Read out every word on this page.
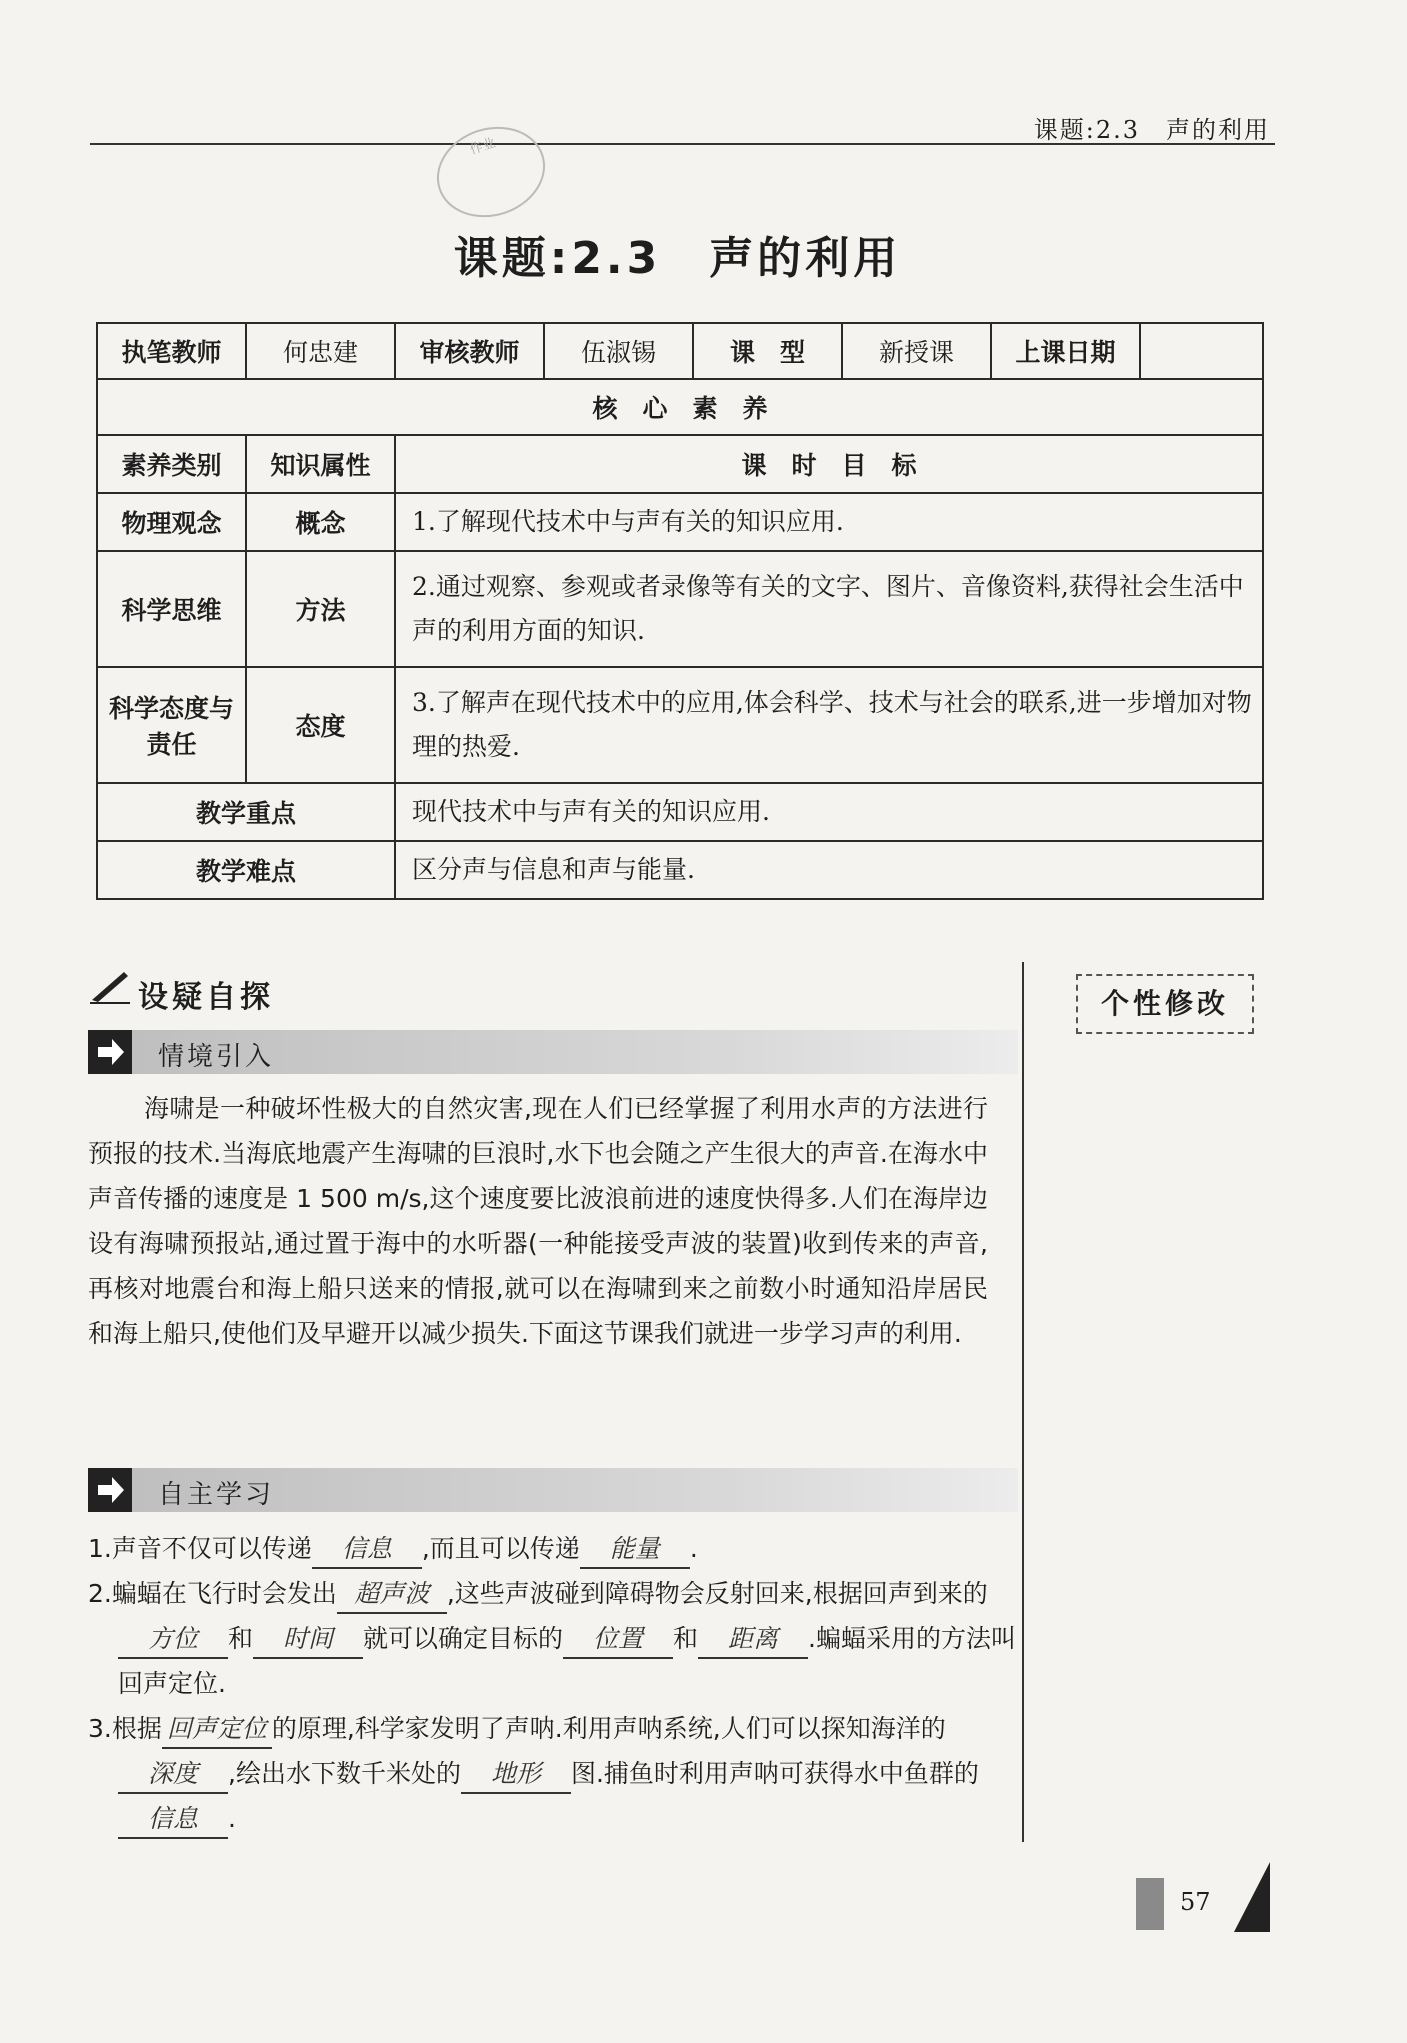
课题:2.3　声的利用
作业
课题:2.3　声的利用
执笔教师	何忠建	审核教师	伍淑锡	课　型	新授课	上课日期	
核　心　素　养							
素养类别	知识属性	课　时　目　标					
物理观念	概念	1.了解现代技术中与声有关的知识应用.					
科学思维	方法	2.通过观察、参观或者录像等有关的文字、图片、音像资料,获得社会生活中声的利用方面的知识.					
科学态度与责任	态度	3.了解声在现代技术中的应用,体会科学、技术与社会的联系,进一步增加对物理的热爱.					
教学重点		现代技术中与声有关的知识应用.					
教学难点		区分声与信息和声与能量.					
设疑自探	个性修改
情境引入
海啸是一种破坏性极大的自然灾害,现在人们已经掌握了利用水声的方法进行预报的技术.当海底地震产生海啸的巨浪时,水下也会随之产生很大的声音.在海水中声音传播的速度是 1 500 m/s,这个速度要比波浪前进的速度快得多.人们在海岸边设有海啸预报站,通过置于海中的水听器(一种能接受声波的装置)收到传来的声音,再核对地震台和海上船只送来的情报,就可以在海啸到来之前数小时通知沿岸居民和海上船只,使他们及早避开以减少损失.下面这节课我们就进一步学习声的利用.
自主学习
1.声音不仅可以传递 信息 ,而且可以传递 能量 .
2.蝙蝠在飞行时会发出 超声波 ,这些声波碰到障碍物会反射回来,根据回声到来的方位 和 时间 就可以确定目标的 位置 和 距离 .蝙蝠采用的方法叫回声定位.
3.根据 回声定位 的原理,科学家发明了声呐.利用声呐系统,人们可以探知海洋的深度 ,绘出水下数千米处的 地形 图.捕鱼时利用声呐可获得水中鱼群的信息 .
57
